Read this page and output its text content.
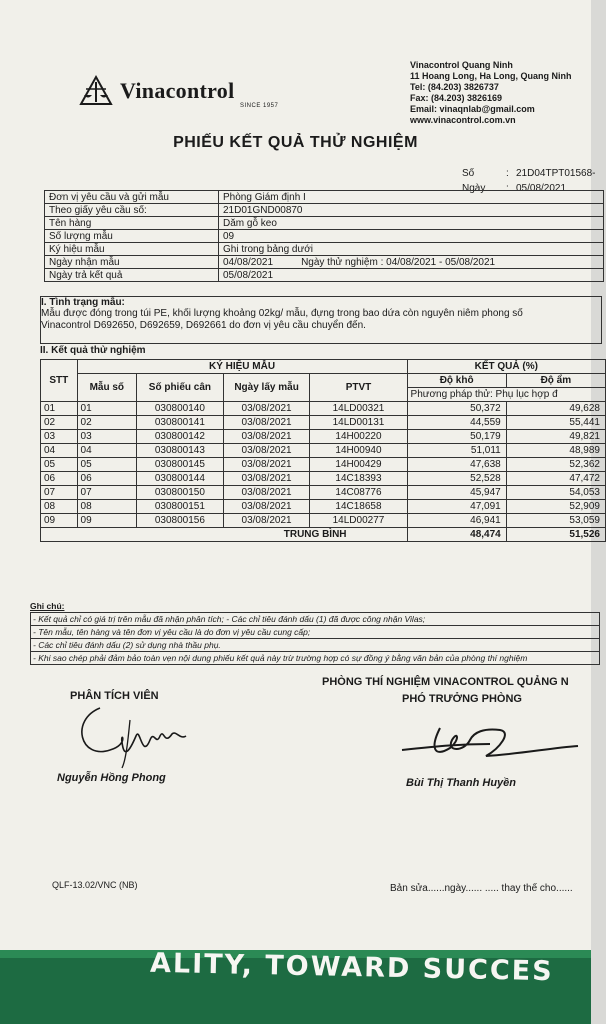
Vinacontrol
SINCE 1957
Vinacontrol Quang Ninh
11 Hoang Long, Ha Long, Quang Ninh
Tel: (84.203) 3826737
Fax: (84.203) 3826169
Email: vinaqnlab@gmail.com
www.vinacontrol.com.vn
PHIẾU KẾT QUẢ THỬ NGHIỆM
Số	: 21D04TPT01568-
Ngày : 05/08/2021
Đơn vị yêu cầu và gửi mẫu	Phòng Giám định I
Theo giấy yêu cầu số:	21D01GND00870
Tên hàng	Dăm gỗ keo
Số lượng mẫu	09
Ký hiệu mẫu	Ghi trong bảng dưới
Ngày nhận mẫu	04/08/2021 Ngày thử nghiệm : 04/08/2021 - 05/08/2021
Ngày trả kết quả	05/08/2021
I. Tình trạng mẫu:
Mẫu được đóng trong túi PE, khối lượng khoảng 02kg/ mẫu, đựng trong bao dứa còn nguyên niêm phong số
Vinacontrol D692650, D692659, D692661 do đơn vị yêu cầu chuyển đến.
II. Kết quả thử nghiệm
STT	KÝ HIỆU MẪU				KẾT QUẢ (%)	
	Mẫu số	Số phiếu cân	Ngày lấy mẫu	PTVT	Độ khô	Độ ẩm
					Phương pháp thử: Phụ lục hợp đ	
01	01	030800140	03/08/2021	14LD00321	50,372	49,628
02	02	030800141	03/08/2021	14LD00131	44,559	55,441
03	03	030800142	03/08/2021	14H00220	50,179	49,821
04	04	030800143	03/08/2021	14H00940	51,011	48,989
05	05	030800145	03/08/2021	14H00429	47,638	52,362
06	06	030800144	03/08/2021	14C18393	52,528	47,472
07	07	030800150	03/08/2021	14C08776	45,947	54,053
08	08	030800151	03/08/2021	14C18658	47,091	52,909
09	09	030800156	03/08/2021	14LD00277	46,941	53,059
TRUNG BÌNH					48,474	51,526
Ghi chú:
- Kết quả chỉ có giá trị trên mẫu đã nhận phân tích; - Các chỉ tiêu đánh dấu (1) đã được công nhận Vilas;
- Tên mẫu, tên hàng và tên đơn vị yêu cầu là do đơn vị yêu cầu cung cấp;
- Các chỉ tiêu đánh dấu (2) sử dụng nhà thầu phụ.
- Khi sao chép phải đảm bảo toàn vẹn nội dung phiếu kết quả này trừ trường hợp có sự đồng ý bằng văn bản của phòng thí nghiệm
PHÂN TÍCH VIÊN
PHÒNG THÍ NGHIỆM VINACONTROL QUẢNG N
PHÓ TRƯỞNG PHÒNG
Nguyễn Hồng Phong	Bùi Thị Thanh Huyền
QLF-13.02/VNC (NB)	Bản sửa......ngày...... ..... thay thế cho......
ALITY, TOWARD SUCCES
